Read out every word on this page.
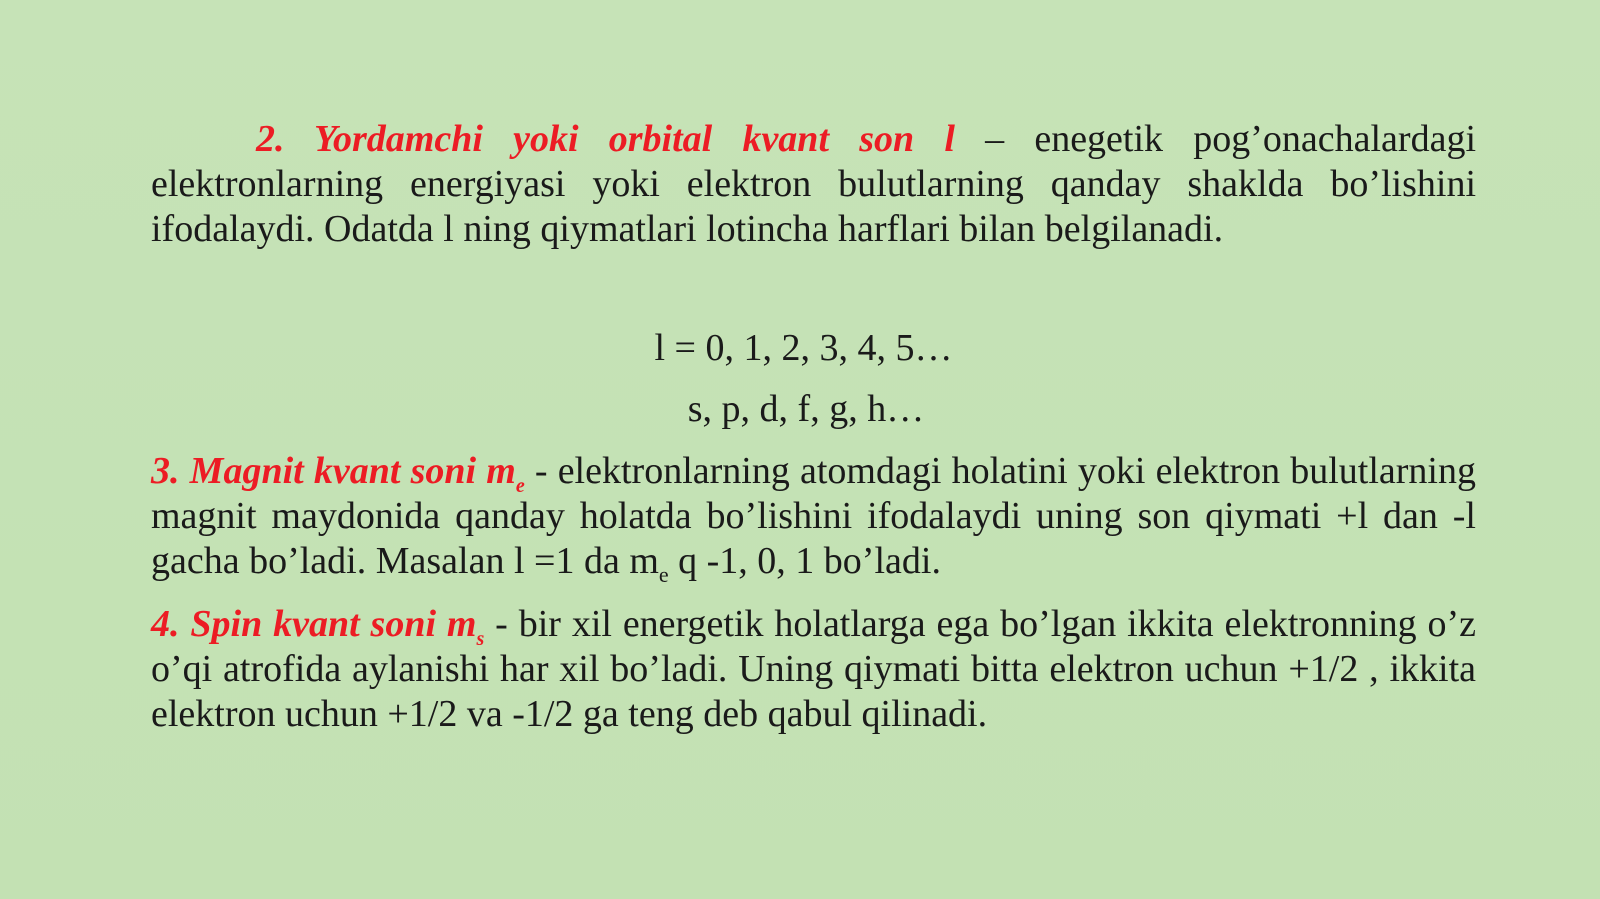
2. Yordamchi yoki orbital kvant son l – enegetik pog’onachalardagi elektronlarning energiyasi yoki elektron bulutlarning qanday shaklda bo’lishini ifodalaydi. Odatda l ning qiymatlari lotincha harflari bilan belgilanadi.

l = 0, 1, 2, 3, 4, 5…

s, p, d, f, g, h…

3. Magnit kvant soni $m_e$ - elektronlarning atomdagi holatini yoki elektron bulutlarning magnit maydonida qanday holatda bo’lishini ifodalaydi uning son qiymati +l dan -l gacha bo’ladi. Masalan l =1 da $m_e$ q -1, 0, 1 bo’ladi.

4. Spin kvant soni $m_s$ - bir xil energetik holatlarga ega bo’lgan ikkita elektronning o’z o’qi atrofida aylanishi har xil bo’ladi. Uning qiymati bitta elektron uchun +1/2 , ikkita elektron uchun +1/2 va -1/2 ga teng deb qabul qilinadi.
